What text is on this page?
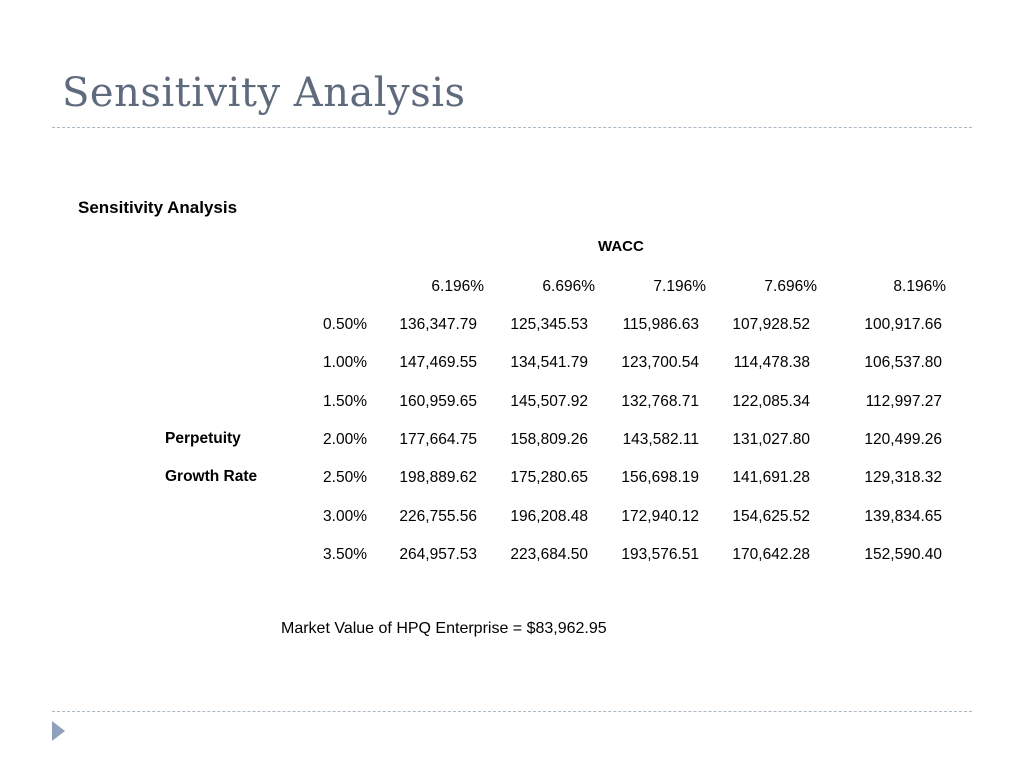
Sensitivity Analysis
Sensitivity Analysis
WACC
6.196%	6.696%	7.196%	7.696%	8.196%
0.50% 136,347.79 125,345.53 115,986.63 107,928.52	100,917.66
1.00% 147,469.55 134,541.79 123,700.54 114,478.38	106,537.80
1.50% 160,959.65 145,507.92 132,768.71 122,085.34	112,997.27
2.00% 177,664.75 158,809.26 143,582.11 131,027.80	120,499.26
2.50% 198,889.62 175,280.65 156,698.19 141,691.28	129,318.32
3.00% 226,755.56 196,208.48 172,940.12 154,625.52	139,834.65
3.50% 264,957.53 223,684.50 193,576.51 170,642.28	152,590.40
Perpetuity
Growth Rate
Market Value of HPQ Enterprise = $83,962.95
